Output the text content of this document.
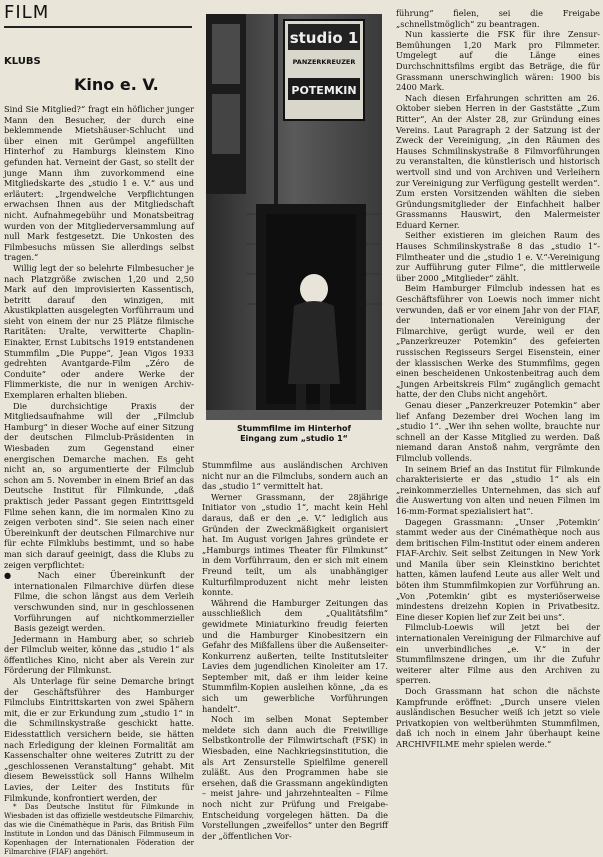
FILM
KLUBS
Kino e. V.

Sind Sie Mitglied?“ fragt ein höflicher junger Mann den Besucher, der durch eine beklemmende Mietshäuser-Schlucht und über einen mit Gerümpel angefüllten Hinterhof zu Hamburgs kleinstem Kino gefunden hat. Verneint der Gast, so stellt der junge Mann ihm zuvorkommend eine Mitgliedskarte des „studio 1 e. V.“ aus und erläutert: „Irgendwelche Verpflichtungen erwachsen Ihnen aus der Mitgliedschaft nicht. Aufnahmegebühr und Monatsbeitrag wurden von der Mitgliederversammlung auf null Mark festgesetzt. Die Unkosten des Filmbesuchs müssen Sie allerdings selbst tragen.“

Willig legt der so belehrte Filmbesucher je nach Platzgröße zwischen 1,20 und 2,50 Mark auf den improvisierten Kassentisch, betritt darauf den winzigen, mit Akustikplatten ausgelegten Vorführraum und sieht von einem der nur 25 Plätze filmische Raritäten: Uralte, verwitterte Chaplin-Einakter, Ernst Lubitschs 1919 entstandenen Stummfilm „Die Puppe“, Jean Vigos 1933 gedrehten Avantgarde-Film „Zéro de Conduite“ oder andere Werke der Flimmerkiste, die nur in wenigen Archiv-Exemplaren erhalten blieben.

Die durchsichtige Praxis der Mitgliedsaufnahme will der „Filmclub Hamburg“ in dieser Woche auf einer Sitzung der deutschen Filmclub-Präsidenten in Wiesbaden zum Gegenstand einer energischen Demarche machen. Es geht nicht an, so argumentierte der Filmclub schon am 5. November in einem Brief an das Deutsche Institut für Filmkunde, „daß praktisch jeder Passant gegen Eintrittsgeld Filme sehen kann, die im normalen Kino zu zeigen verboten sind“. Sie seien nach einer Übereinkunft der deutschen Filmarchive nur für echte Filmklubs bestimmt, und so habe man sich darauf geeinigt, dass die Klubs zu zeigen verpflichtet:

● Nach einer Übereinkunft der internationalen Filmarchive dürfen diese Filme, die schon längst aus dem Verleih verschwunden sind, nur in geschlossenen Vorführungen auf nichtkommerzieller Basis gezeigt werden.

Jedermann in Hamburg aber, so schrieb der Filmclub weiter, könne das „studio 1“ als öffentliches Kino, nicht aber als Verein zur Förderung der Filmkunst.

Als Unterlage für seine Demarche bringt der Geschäftsführer des Hamburger Filmclubs Eintrittskarten von zwei Spähern mit, die er zur Erkundung zum „studio 1“ in die Schmilinskystraße geschickt hatte. Eidesstattlich versichern beide, sie hätten nach Erledigung der kleinen Formalität am Kassenschalter ohne weiteres Zutritt zu der „geschlossenen Veranstaltung“ gehabt. Mit diesem Beweisstück soll Hanns Wilhelm Lavies, der Leiter des Instituts für Filmkunde, konfrontiert werden, der

* Das Deutsche Institut für Filmkunde in Wiesbaden ist das offizielle westdeutsche Filmarchiv, das wie die Cinémathèque in Paris, das British Film Institute in London und das Dänisch Filmmuseum in Kopenhagen der Internationalen Föderation der Filmarchive (FIAF) angehört.

studio 1
PANZERKREUZER
POTEMKIN
Stummfilme im Hinterhof
Eingang zum „studio 1“

Stummfilme aus ausländischen Archiven nicht nur an die Filmclubs, sondern auch an das „studio 1“ vermittelt hat.

Werner Grassmann, der 28jährige Initiator von „studio 1“, macht kein Hehl daraus, daß er den „e. V.“ lediglich aus Gründen der Zweckmäßigkeit organisiert hat. Im August vorigen Jahres gründete er „Hamburgs intimes Theater für Filmkunst“ in dem Vorführraum, den er sich mit einem Freund teilt, um als unabhängiger Kulturfilmproduzent nicht mehr leisten konnte.

Während die Hamburger Zeitungen das ausschließlich dem „Qualitätsfilm“ gewidmete Miniaturkino freudig feierten und die Hamburger Kinobesitzern ein Gefahr des Mißfallens über die Außenseiter-Konkurrenz außerten, teilte Institutsleiter Lavies dem jugendlichen Kinoleiter am 17. September mit, daß er ihm leider keine Stummfilm-Kopien ausleihen könne, „da es sich um gewerbliche Vorführungen handelt“.

Noch im selben Monat September meldete sich dann auch die Freiwillige Selbstkontrolle der Filmwirtschaft (FSK) in Wiesbaden, eine Nachkriegsinstitution, die als Art Zensurstelle Spielfilme generell zuläßt. Aus den Programmen habe sie ersehen, daß die Grassmann angekündigten – meist jahre- und jahrzehntealten – Filme noch nicht zur Prüfung und Freigabe-Entscheidung vorgelegen hätten. Da die Vorstellungen „zweifellos“ unter den Begriff der „öffentlichen Vor-

führung“ fielen, sei die Freigabe „schnellstmöglich“ zu beantragen.

Nun kassierte die FSK für ihre Zensur-Bemühungen 1,20 Mark pro Filmmeter. Umgelegt auf die Länge eines Durchschnittsfilms ergibt das Beträge, die für Grassmann unerschwinglich wären: 1900 bis 2400 Mark.

Nach diesen Erfahrungen schritten am 26. Oktober sieben Herren in der Gaststätte „Zum Ritter“, An der Alster 28, zur Gründung eines Vereins. Laut Paragraph 2 der Satzung ist der Zweck der Vereinigung, „in den Räumen des Hauses Schmilinskystraße 8 Filmvorführungen zu veranstalten, die künstlerisch und historisch wertvoll sind und von Archiven und Verleihern zur Vereinigung zur Verfügung gestellt werden“. Zum ersten Vorsitzenden wählten die sieben Gründungsmitglieder der Einfachheit halber Grassmanns Hauswirt, den Malermeister Eduard Kerner.

Seither existieren im gleichen Raum des Hauses Schmilinskystraße 8 das „studio 1“-Filmtheater und die „studio 1 e. V.“-Vereinigung zur Aufführung guter Filme“, die mittlerweile über 2000 „Mitglieder“ zählt.

Beim Hamburger Filmclub indessen hat es Geschäftsführer von Loewis noch immer nicht verwunden, daß er vor einem Jahr von der FIAF, der internationalen Vereinigung der Filmarchive, gerügt wurde, weil er den „Panzerkreuzer Potemkin“ des gefeierten russischen Regisseurs Sergei Eisenstein, einer der klassischen Werke des Stummfilms, gegen einen bescheidenen Unkostenbeitrag auch dem „Jungen Arbeitskreis Film“ zugänglich gemacht hatte, der den Clubs nicht angehört.

Genau dieser „Panzerkreuzer Potemkin“ aber lief Anfang Dezember drei Wochen lang im „studio 1“. „Wer ihn sehen wollte, brauchte nur schnell an der Kasse Mitglied zu werden. Daß niemand daran Anstoß nahm, vergrämte den Filmclub vollends.

In seinem Brief an das Institut für Filmkunde charakterisierte er das „studio 1“ als ein „reinkommerzielles Unternehmen, das sich auf die Auswertung von alten und neuen Filmen im 16-mm-Format spezialisiert hat“.

Dagegen Grassmann: „Unser ‚Potemkin‘ stammt weder aus der Cinémathèque noch aus dem britischen Film-Institut oder einem anderen FIAF-Archiv. Seit selbst Zeitungen in New York und Manila über sein Kleinstkino berichtet hatten, kämen laufend Leute aus aller Welt und böten ihm Stummfilmkopien zur Vorführung an. „Von ‚Potemkin‘ gibt es mysteriöserweise mindestens dreizehn Kopien in Privatbesitz. Eine dieser Kopien lief zur Zeit bei uns“.

Filmclub-Loewis will jetzt bei der internationalen Vereinigung der Filmarchive auf ein unverbindliches „e. V.“ in der Stummfilmszene dringen, um ihr die Zufuhr weiterer alter Filme aus den Archiven zu sperren.

Doch Grassmann hat schon die nächste Kampfrunde eröffnet: „Durch unsere vielen ausländischen Besucher weiß ich jetzt so viele Privatkopien von weltberühmten Stummfilmen, daß ich noch in einem Jahr überhaupt keine ARCHIVFILME mehr spielen werde.“
